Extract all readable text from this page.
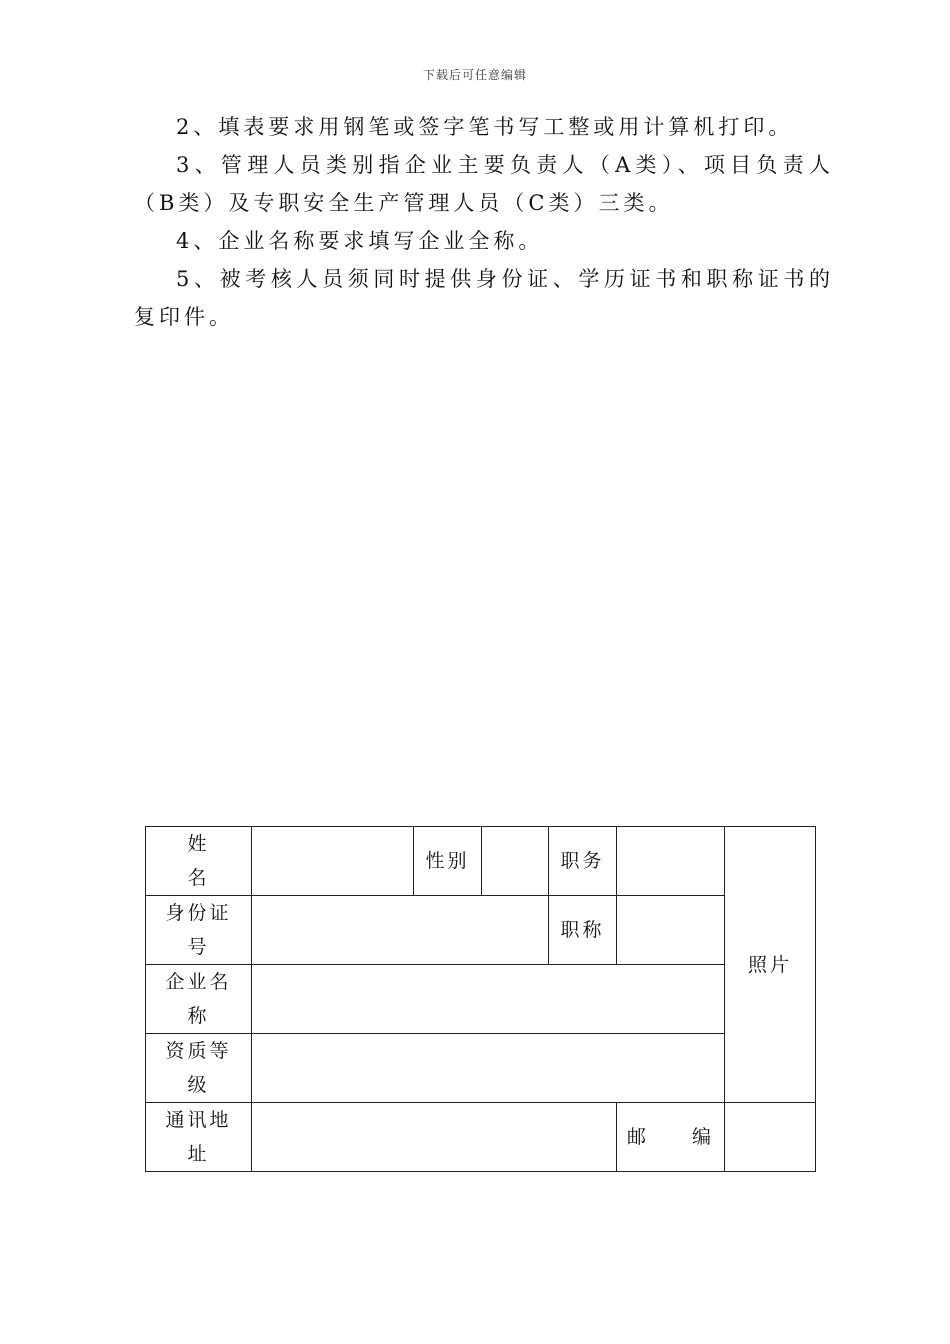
下载后可任意编辑

2、填表要求用钢笔或签字笔书写工整或用计算机打印。

3、管理人员类别指企业主要负责人（A类）、项目负责人（B类）及专职安全生产管理人员（C类）三类。

4、企业名称要求填写企业全称。

5、被考核人员须同时提供身份证、学历证书和职称证书的复印件。

姓名		性别		职务		照片
身份证号				职称		
企业名称						
资质等级						
通讯地址					邮 编	
